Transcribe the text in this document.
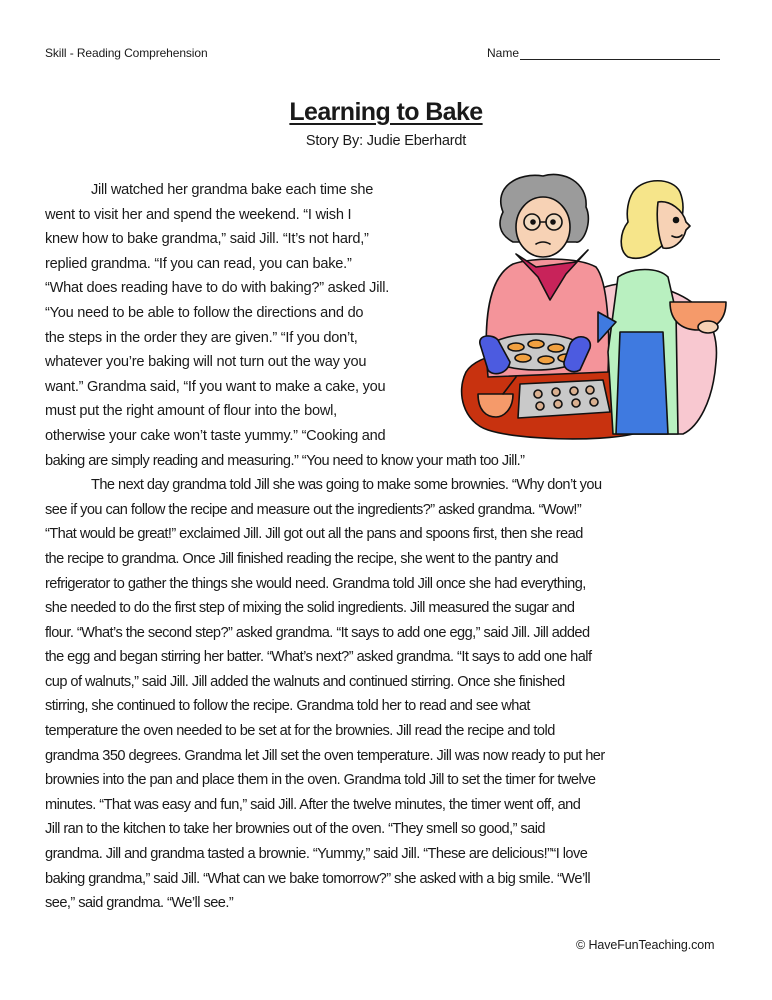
Skill - Reading Comprehension	Name
Learning to Bake
Story By: Judie Eberhardt
Jill watched her grandma bake each time she
went to visit her and spend the weekend. “I wish I
knew how to bake grandma,” said Jill. “It’s not hard,”
replied grandma. “If you can read, you can bake.”
“What does reading have to do with baking?” asked Jill.
“You need to be able to follow the directions and do
the steps in the order they are given.” “If you don’t,
whatever you’re baking will not turn out the way you
want.” Grandma said, “If you want to make a cake, you
must put the right amount of flour into the bowl,
otherwise your cake won’t taste yummy.” “Cooking and
baking are simply reading and measuring.” “You need to know your math too Jill.”
The next day grandma told Jill she was going to make some brownies. “Why don’t you
see if you can follow the recipe and measure out the ingredients?” asked grandma. “Wow!”
“That would be great!” exclaimed Jill. Jill got out all the pans and spoons first, then she read
the recipe to grandma. Once Jill finished reading the recipe, she went to the pantry and
refrigerator to gather the things she would need. Grandma told Jill once she had everything,
she needed to do the first step of mixing the solid ingredients. Jill measured the sugar and
flour. “What’s the second step?” asked grandma. “It says to add one egg,” said Jill. Jill added
the egg and began stirring her batter. “What’s next?” asked grandma. “It says to add one half
cup of walnuts,” said Jill. Jill added the walnuts and continued stirring. Once she finished
stirring, she continued to follow the recipe. Grandma told her to read and see what
temperature the oven needed to be set at for the brownies. Jill read the recipe and told
grandma 350 degrees. Grandma let Jill set the oven temperature. Jill was now ready to put her
brownies into the pan and place them in the oven. Grandma told Jill to set the timer for twelve
minutes. “That was easy and fun,” said Jill. After the twelve minutes, the timer went off, and
Jill ran to the kitchen to take her brownies out of the oven. “They smell so good,” said
grandma. Jill and grandma tasted a brownie. “Yummy,” said Jill. “These are delicious!”“I love
baking grandma,” said Jill. “What can we bake tomorrow?” she asked with a big smile. “We’ll
see,” said grandma. “We’ll see.”
© HaveFunTeaching.com
